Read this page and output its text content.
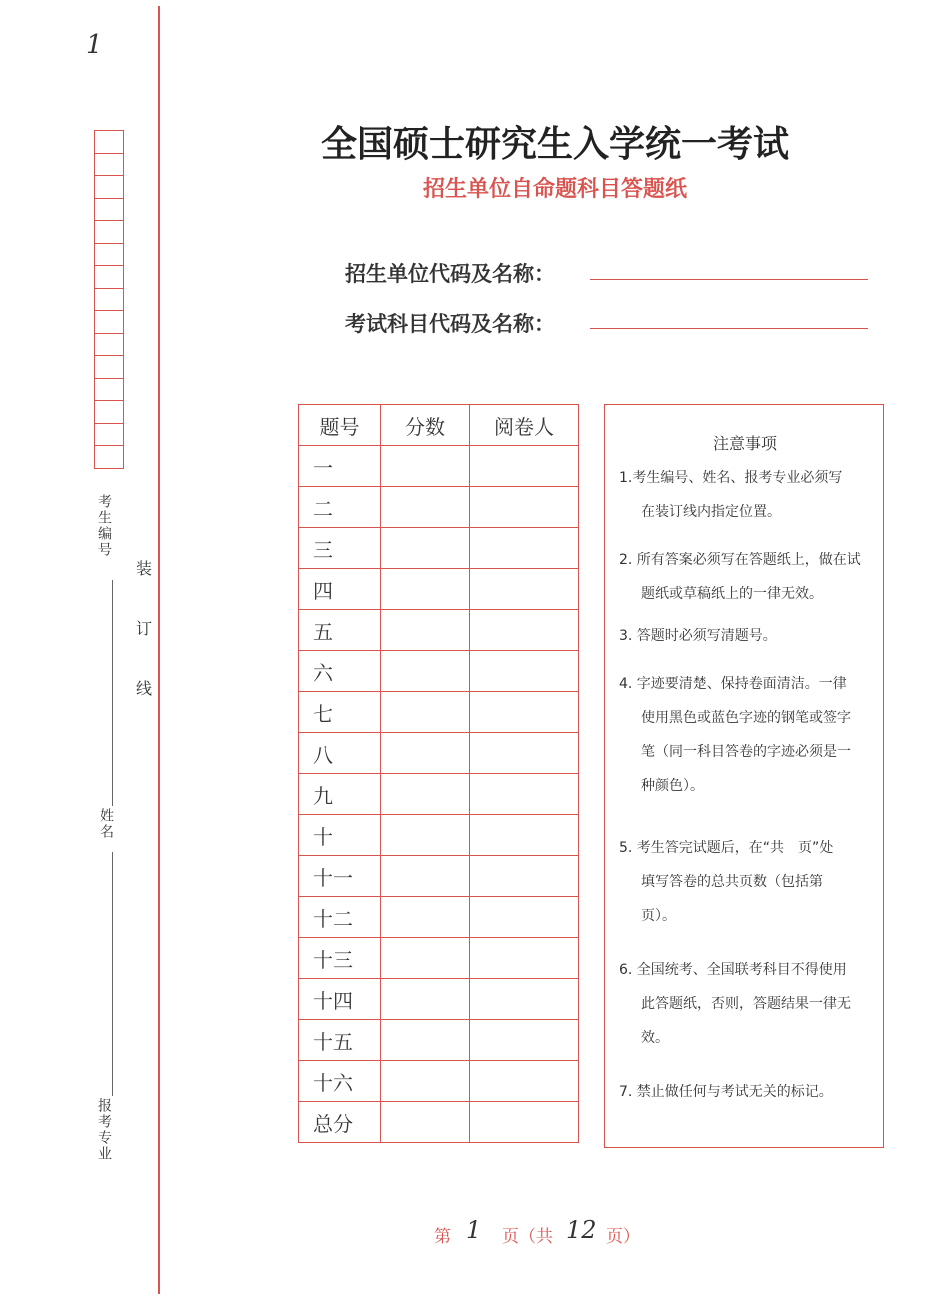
1
考生编号
姓名
报考专业
装
订
线
全国硕士研究生入学统一考试
招生单位自命题科目答题纸
招生单位代码及名称：
考试科目代码及名称：
题号	分数	阅卷人
一		
二		
三		
四		
五		
六		
七		
八		
九		
十		
十一		
十二		
十三		
十四		
十五		
十六		
总分		
注意事项
1.考生编号、姓名、报考专业必须写
在装订线内指定位置。
2. 所有答案必须写在答题纸上，做在试
题纸或草稿纸上的一律无效。
3. 答题时必须写清题号。
4. 字迹要清楚、保持卷面清洁。一律
使用黑色或蓝色字迹的钢笔或签字
笔（同一科目答卷的字迹必须是一
种颜色）。
5. 考生答完试题后，在“共　页”处
填写答卷的总共页数（包括第
页）。
6. 全国统考、全国联考科目不得使用
此答题纸，否则，答题结果一律无
效。
7. 禁止做任何与考试无关的标记。
第 1 页（共 12 页）
